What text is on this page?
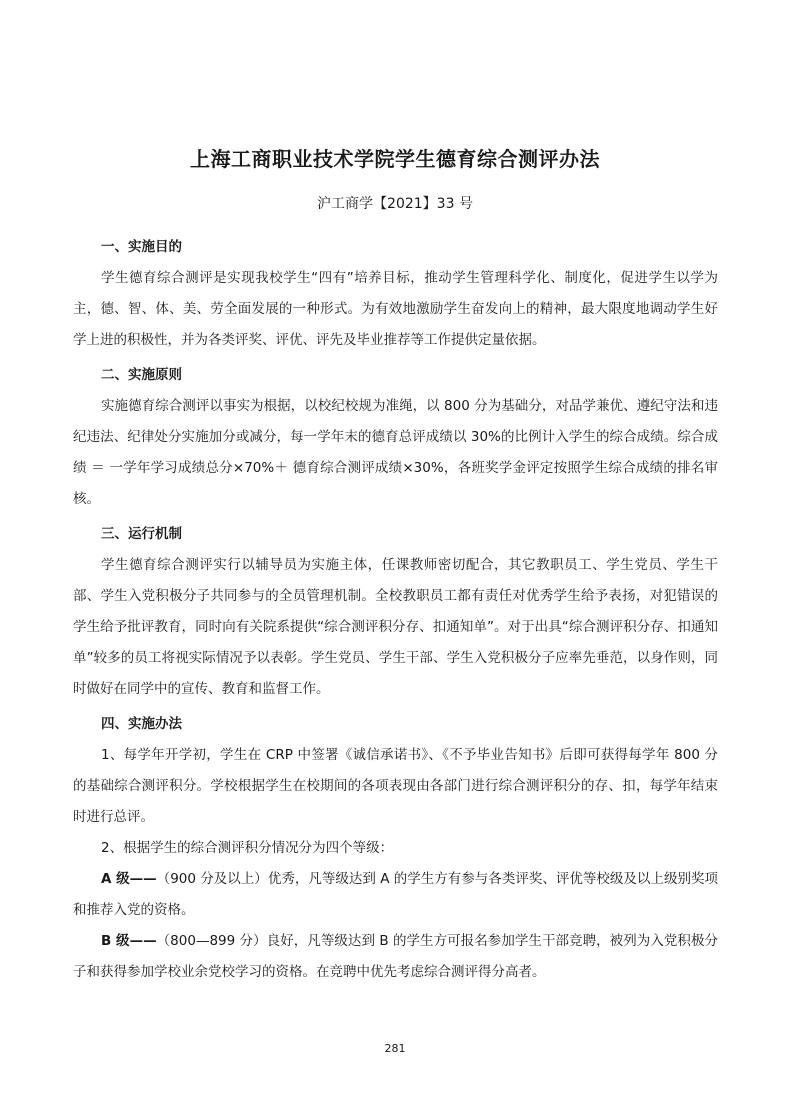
上海工商职业技术学院学生德育综合测评办法
沪工商学【2021】33 号
一、实施目的

学生德育综合测评是实现我校学生“四有”培养目标，推动学生管理科学化、制度化，促进学生以学为主，德、智、体、美、劳全面发展的一种形式。为有效地激励学生奋发向上的精神，最大限度地调动学生好学上进的积极性，并为各类评奖、评优、评先及毕业推荐等工作提供定量依据。

二、实施原则

实施德育综合测评以事实为根据，以校纪校规为准绳，以 800 分为基础分，对品学兼优、遵纪守法和违纪违法、纪律处分实施加分或减分，每一学年末的德育总评成绩以 30%的比例计入学生的综合成绩。综合成绩 ＝ 一学年学习成绩总分×70%＋ 德育综合测评成绩×30%，各班奖学金评定按照学生综合成绩的排名审核。

三、运行机制

学生德育综合测评实行以辅导员为实施主体，任课教师密切配合，其它教职员工、学生党员、学生干部、学生入党积极分子共同参与的全员管理机制。全校教职员工都有责任对优秀学生给予表扬，对犯错误的学生给予批评教育，同时向有关院系提供“综合测评积分存、扣通知单”。对于出具“综合测评积分存、扣通知单”较多的员工将视实际情况予以表彰。学生党员、学生干部、学生入党积极分子应率先垂范，以身作则，同时做好在同学中的宣传、教育和监督工作。

四、实施办法

1、每学年开学初，学生在 CRP 中签署《诚信承诺书》、《不予毕业告知书》后即可获得每学年 800 分的基础综合测评积分。学校根据学生在校期间的各项表现由各部门进行综合测评积分的存、扣，每学年结束时进行总评。

2、根据学生的综合测评积分情况分为四个等级：

A 级——（900 分及以上）优秀，凡等级达到 A 的学生方有参与各类评奖、评优等校级及以上级别奖项和推荐入党的资格。

B 级——（800—899 分）良好，凡等级达到 B 的学生方可报名参加学生干部竞聘，被列为入党积极分子和获得参加学校业余党校学习的资格。在竞聘中优先考虑综合测评得分高者。

281
